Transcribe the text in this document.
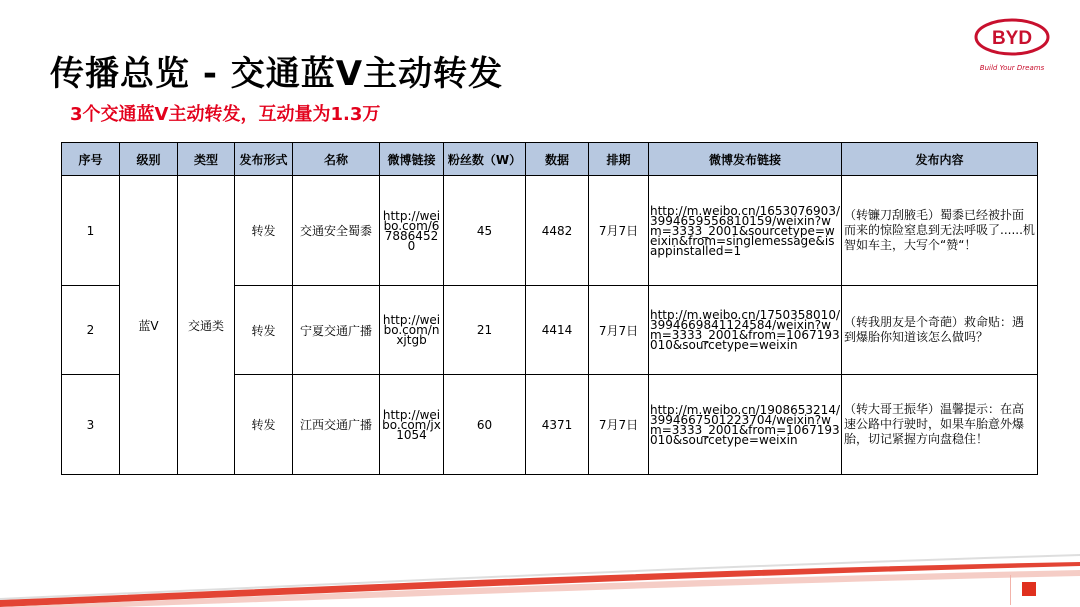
传播总览 - 交通蓝V主动转发
3个交通蓝V主动转发，互动量为1.3万
BYD
Build Your Dreams
序号	级别	类型	发布形式	名称	微博链接	粉丝数（W）	数据	排期	微博发布链接	发布内容
1	蓝V	交通类	转发	交通安全蜀黍	http://weibo.com/678864520	45	4482	7月7日	http://m.weibo.cn/1653076903/3994659556810159/weixin?wm=3333_2001&sourcetype=weixin&from=singlemessage&isappinstalled=1	（转镰刀刮腋毛）蜀黍已经被扑面而来的惊险窒息到无法呼吸了......机智如车主，大写个“赞“！
2			转发	宁夏交通广播	http://weibo.com/nxjtgb	21	4414	7月7日	http://m.weibo.cn/1750358010/3994669841124584/weixin?wm=3333_2001&from=1067193010&sourcetype=weixin	（转我朋友是个奇葩）救命贴：遇到爆胎你知道该怎么做吗？
3			转发	江西交通广播	http://weibo.com/jx1054	60	4371	7月7日	http://m.weibo.cn/1908653214/3994667501223704/weixin?wm=3333_2001&from=1067193010&sourcetype=weixin	（转大哥王振华）温馨提示：在高速公路中行驶时，如果车胎意外爆胎，切记紧握方向盘稳住！
